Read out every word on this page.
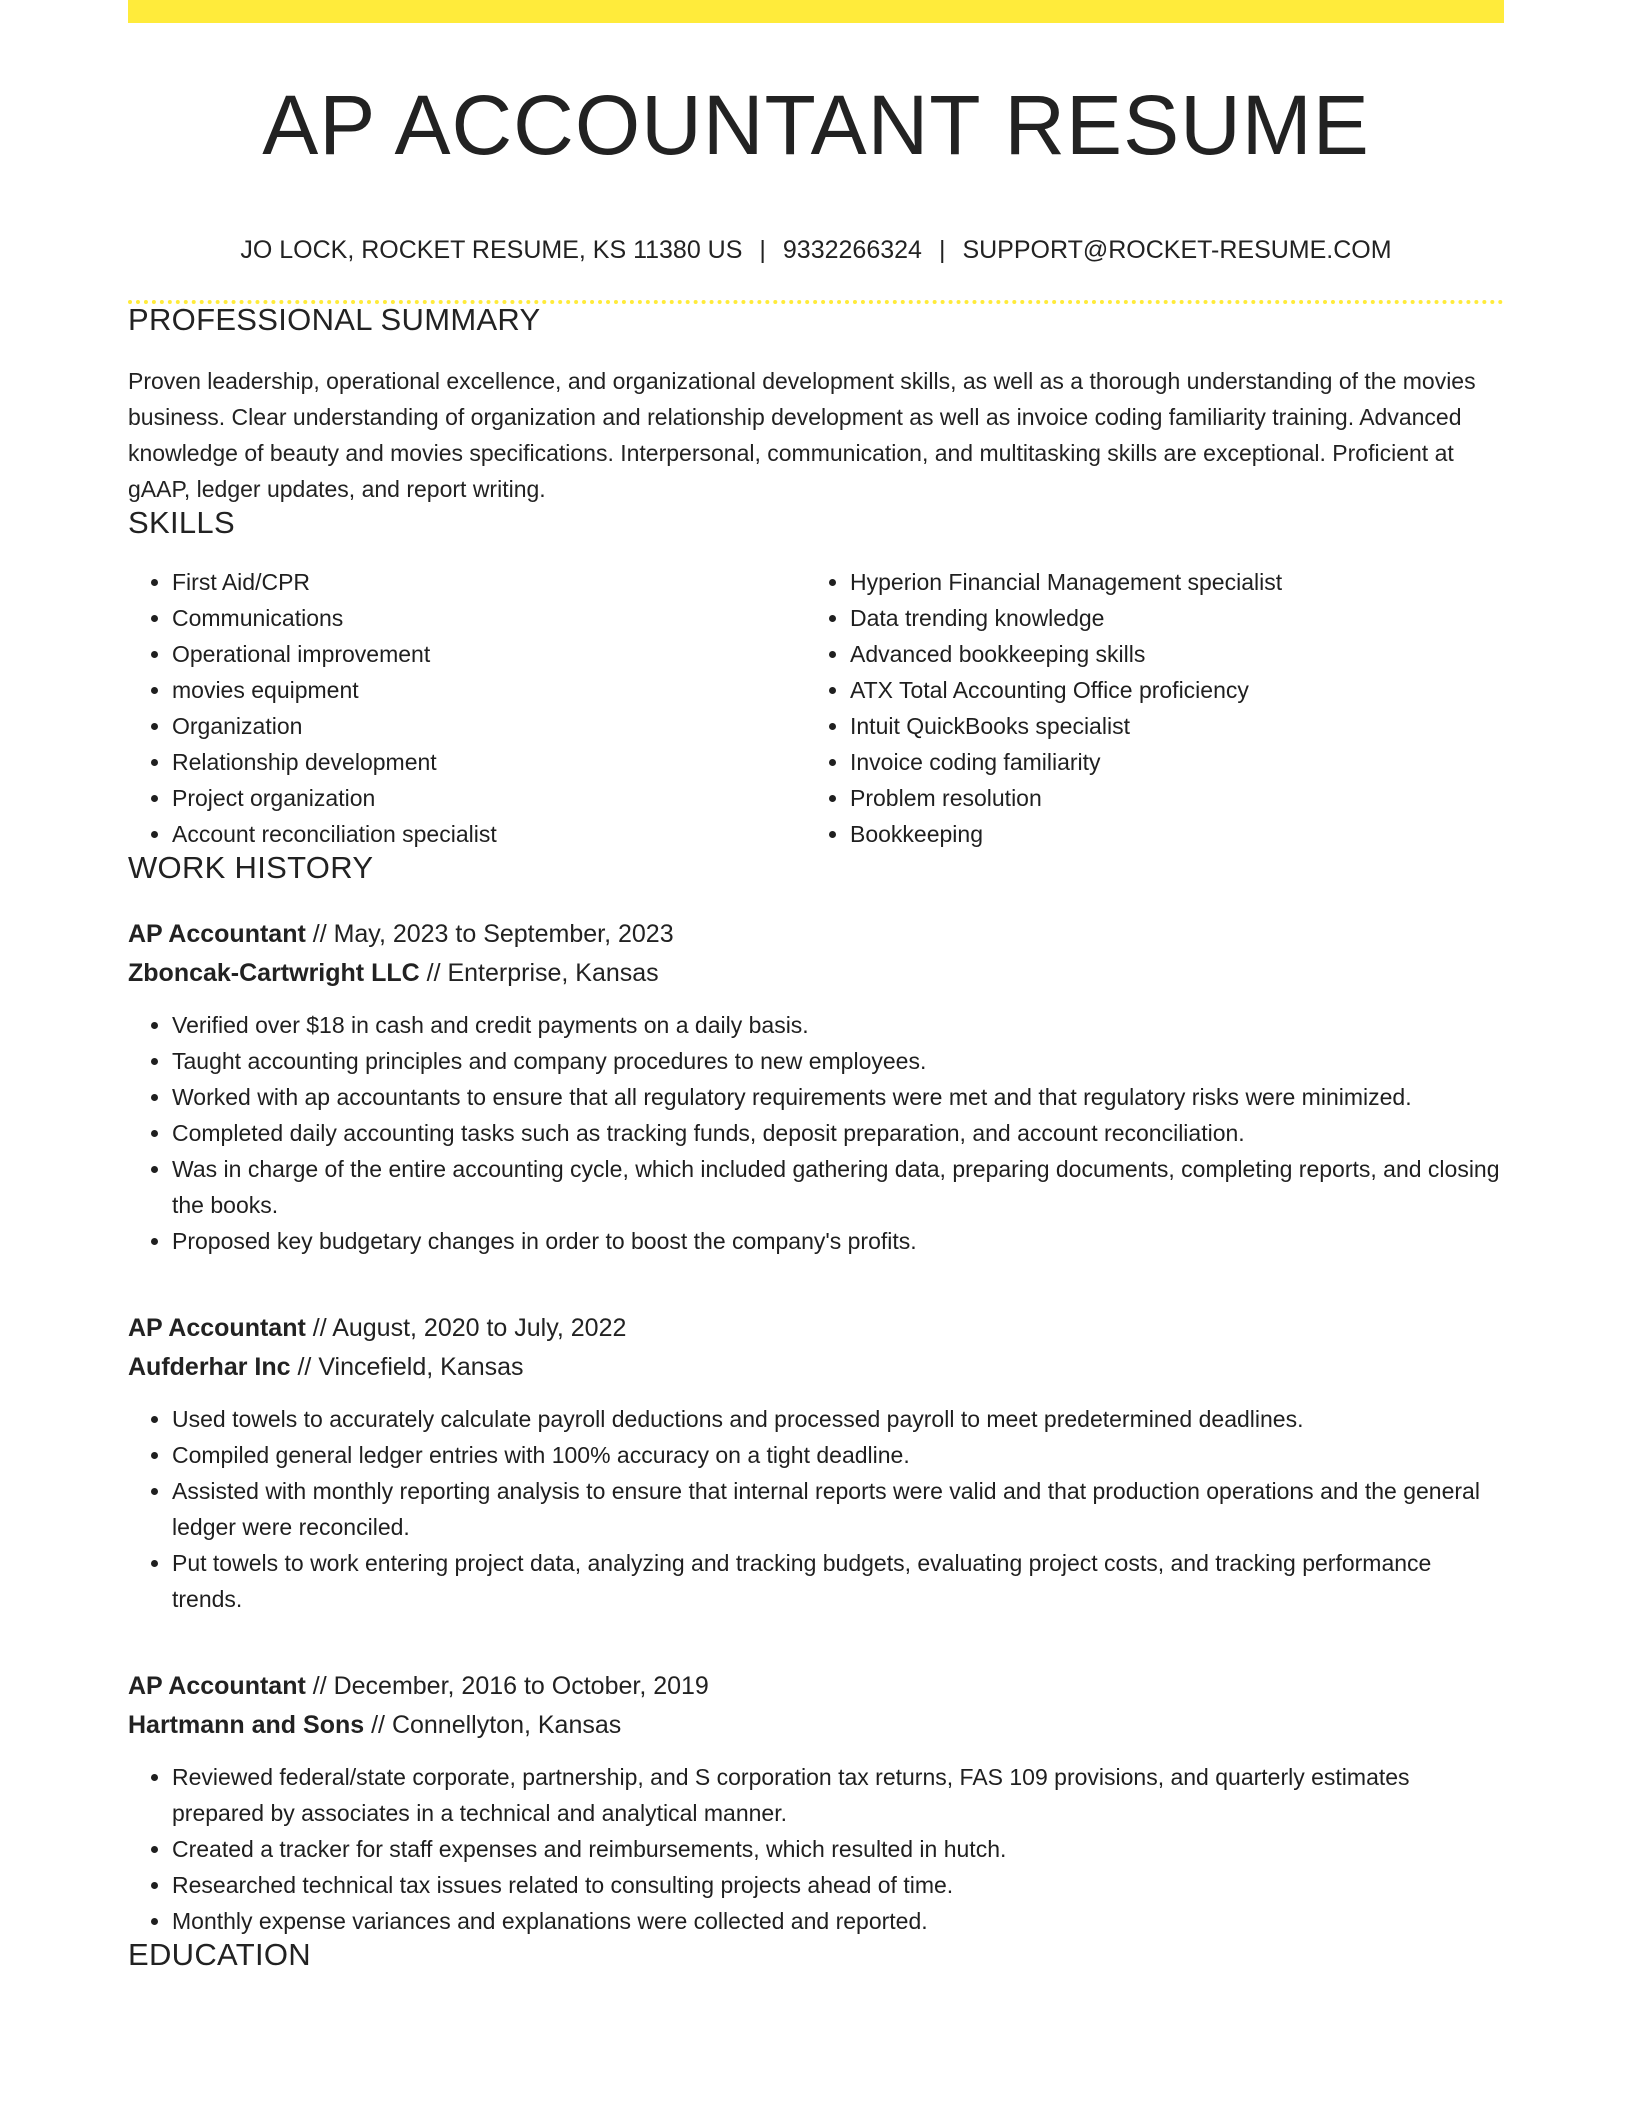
AP ACCOUNTANT RESUME
JO LOCK, ROCKET RESUME, KS 11380 US | 9332266324 | SUPPORT@ROCKET-RESUME.COM
PROFESSIONAL SUMMARY

Proven leadership, operational excellence, and organizational development skills, as well as a thorough understanding of the movies business. Clear understanding of organization and relationship development as well as invoice coding familiarity training. Advanced knowledge of beauty and movies specifications. Interpersonal, communication, and multitasking skills are exceptional. Proficient at gAAP, ledger updates, and report writing.

SKILLS
• First Aid/CPR
• Communications
• Operational improvement
• movies equipment
• Organization
• Relationship development
• Project organization
• Account reconciliation specialist
• Hyperion Financial Management specialist
• Data trending knowledge
• Advanced bookkeeping skills
• ATX Total Accounting Office proficiency
• Intuit QuickBooks specialist
• Invoice coding familiarity
• Problem resolution
• Bookkeeping
WORK HISTORY
AP Accountant // May, 2023 to September, 2023
Zboncak-Cartwright LLC // Enterprise, Kansas
• Verified over $18 in cash and credit payments on a daily basis.
• Taught accounting principles and company procedures to new employees.
• Worked with ap accountants to ensure that all regulatory requirements were met and that regulatory risks were minimized.
• Completed daily accounting tasks such as tracking funds, deposit preparation, and account reconciliation.
• Was in charge of the entire accounting cycle, which included gathering data, preparing documents, completing reports, and closing the books.
• Proposed key budgetary changes in order to boost the company's profits.
AP Accountant // August, 2020 to July, 2022
Aufderhar Inc // Vincefield, Kansas
• Used towels to accurately calculate payroll deductions and processed payroll to meet predetermined deadlines.
• Compiled general ledger entries with 100% accuracy on a tight deadline.
• Assisted with monthly reporting analysis to ensure that internal reports were valid and that production operations and the general ledger were reconciled.
• Put towels to work entering project data, analyzing and tracking budgets, evaluating project costs, and tracking performance trends.
AP Accountant // December, 2016 to October, 2019
Hartmann and Sons // Connellyton, Kansas
• Reviewed federal/state corporate, partnership, and S corporation tax returns, FAS 109 provisions, and quarterly estimates prepared by associates in a technical and analytical manner.
• Created a tracker for staff expenses and reimbursements, which resulted in hutch.
• Researched technical tax issues related to consulting projects ahead of time.
• Monthly expense variances and explanations were collected and reported.
EDUCATION
